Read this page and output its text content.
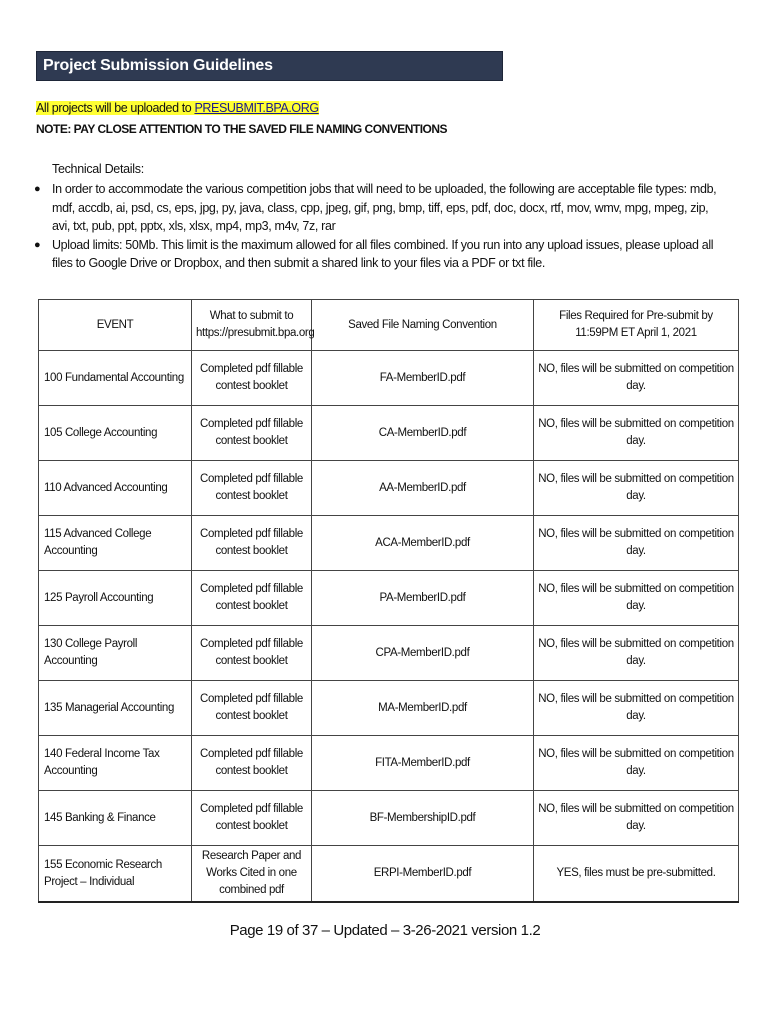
Project Submission Guidelines
All projects will be uploaded to PRESUBMIT.BPA.ORG
NOTE: PAY CLOSE ATTENTION TO THE SAVED FILE NAMING CONVENTIONS
Technical Details:
● In order to accommodate the various competition jobs that will need to be uploaded, the following are acceptable file types: mdb, mdf, accdb, ai, psd, cs, eps, jpg, py, java, class, cpp, jpeg, gif, png, bmp, tiff, eps, pdf, doc, docx, rtf, mov, wmv, mpg, mpeg, zip, avi, txt, pub, ppt, pptx, xls, xlsx, mp4, mp3, m4v, 7z, rar
● Upload limits: 50Mb. This limit is the maximum allowed for all files combined. If you run into any upload issues, please upload all files to Google Drive or Dropbox, and then submit a shared link to your files via a PDF or txt file.
EVENT	What to submit to https://presubmit.bpa.org	Saved File Naming Convention	Files Required for Pre-submit by 11:59PM ET April 1, 2021
100 Fundamental Accounting	Completed pdf fillable contest booklet	FA-MemberID.pdf	NO, files will be submitted on competition day.
105 College Accounting	Completed pdf fillable contest booklet	CA-MemberID.pdf	NO, files will be submitted on competition day.
110 Advanced Accounting	Completed pdf fillable contest booklet	AA-MemberID.pdf	NO, files will be submitted on competition day.
115 Advanced College Accounting	Completed pdf fillable contest booklet	ACA-MemberID.pdf	NO, files will be submitted on competition day.
125 Payroll Accounting	Completed pdf fillable contest booklet	PA-MemberID.pdf	NO, files will be submitted on competition day.
130 College Payroll Accounting	Completed pdf fillable contest booklet	CPA-MemberID.pdf	NO, files will be submitted on competition day.
135 Managerial Accounting	Completed pdf fillable contest booklet	MA-MemberID.pdf	NO, files will be submitted on competition day.
140 Federal Income Tax Accounting	Completed pdf fillable contest booklet	FITA-MemberID.pdf	NO, files will be submitted on competition day.
145 Banking & Finance	Completed pdf fillable contest booklet	BF-MembershipID.pdf	NO, files will be submitted on competition day.
155 Economic Research Project – Individual	Research Paper and Works Cited in one combined pdf	ERPI-MemberID.pdf	YES, files must be pre-submitted.
Page 19 of 37 – Updated – 3-26-2021 version 1.2
